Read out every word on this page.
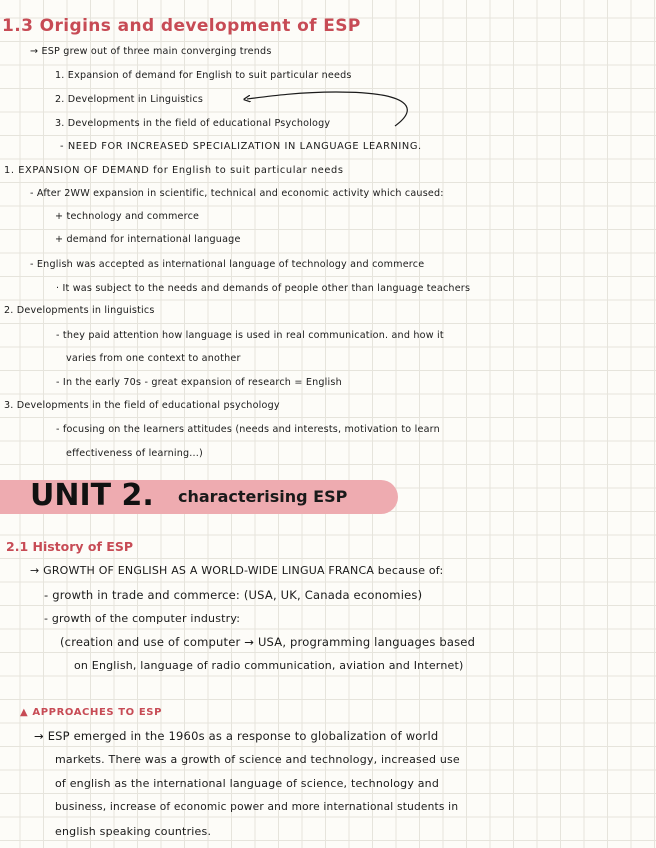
1.3 Origins and development of ESP
→ ESP grew out of three main converging trends
1. Expansion of demand for English to suit particular needs
2. Development in Linguistics
3. Developments in the field of educational Psychology
- NEED FOR INCREASED SPECIALIZATION IN LANGUAGE LEARNING.
1. EXPANSION OF DEMAND for English to suit particular needs
- After 2WW expansion in scientific, technical and economic activity which caused:
+ technology and commerce
+ demand for international language
- English was accepted as international language of technology and commerce
· It was subject to the needs and demands of people other than language teachers
2. Developments in linguistics
- they paid attention how language is used in real communication. and how it
varies from one context to another
- In the early 70s - great expansion of research = English
3. Developments in the field of educational psychology
- focusing on the learners attitudes (needs and interests, motivation to learn
effectiveness of learning...)
UNIT 2. characterising ESP
2.1 History of ESP
→ GROWTH OF ENGLISH AS A WORLD-WIDE LINGUA FRANCA because of:
- growth in trade and commerce: (USA, UK, Canada economies)
- growth of the computer industry:
(creation and use of computer → USA, programming languages based
on English, language of radio communication, aviation and Internet)
▲ APPROACHES TO ESP
→ ESP emerged in the 1960s as a response to globalization of world
markets. There was a growth of science and technology, increased use
of english as the international language of science, technology and
business, increase of economic power and more international students in
english speaking countries.
